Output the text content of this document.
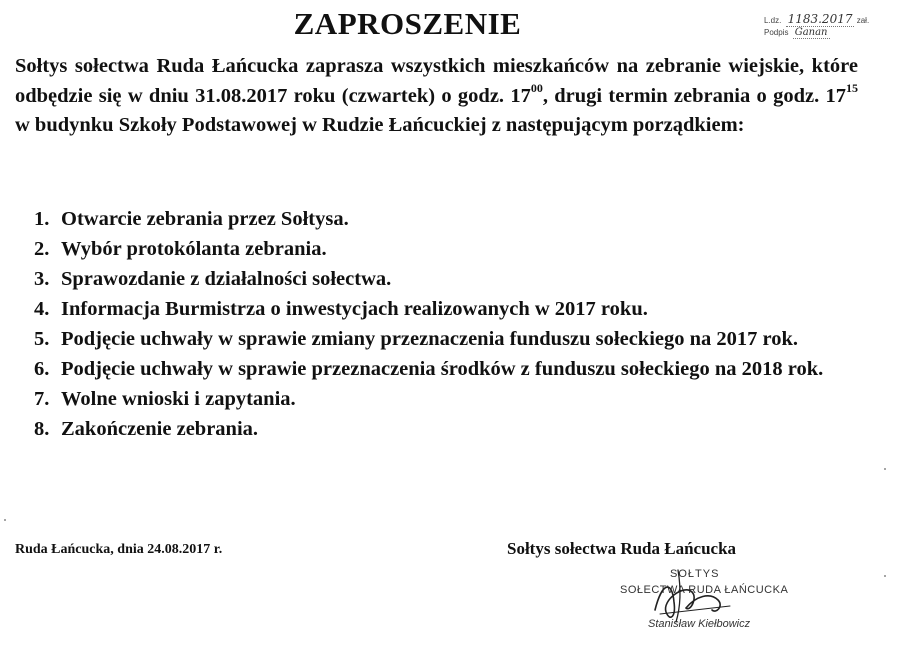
ZAPROSZENIE	L.dz. 1183.2017 zał.
Podpis Ganan

Sołtys sołectwa Ruda Łańcucka zaprasza wszystkich mieszkańców na zebranie wiejskie, które odbędzie się w dniu 31.08.2017 roku (czwartek) o godz. $17^{00}$, drugi termin zebrania o godz. $17^{15}$ w budynku Szkoły Podstawowej w Rudzie Łańcuckiej z następującym porządkiem:

1. Otwarcie zebrania przez Sołtysa.
2. Wybór protokólanta zebrania.
3. Sprawozdanie z działalności sołectwa.
4. Informacja Burmistrza o inwestycjach realizowanych w 2017 roku.
5. Podjęcie uchwały w sprawie zmiany przeznaczenia funduszu sołeckiego na 2017 rok.
6. Podjęcie uchwały w sprawie przeznaczenia środków z funduszu sołeckiego na 2018 rok.
7. Wolne wnioski i zapytania.
8. Zakończenie zebrania.
Ruda Łańcucka, dnia 24.08.2017 r.	Sołtys sołectwa Ruda Łańcucka
SOŁTYS
SOŁECTWA RUDA ŁAŃCUCKA
Stanisław Kiełbowicz
